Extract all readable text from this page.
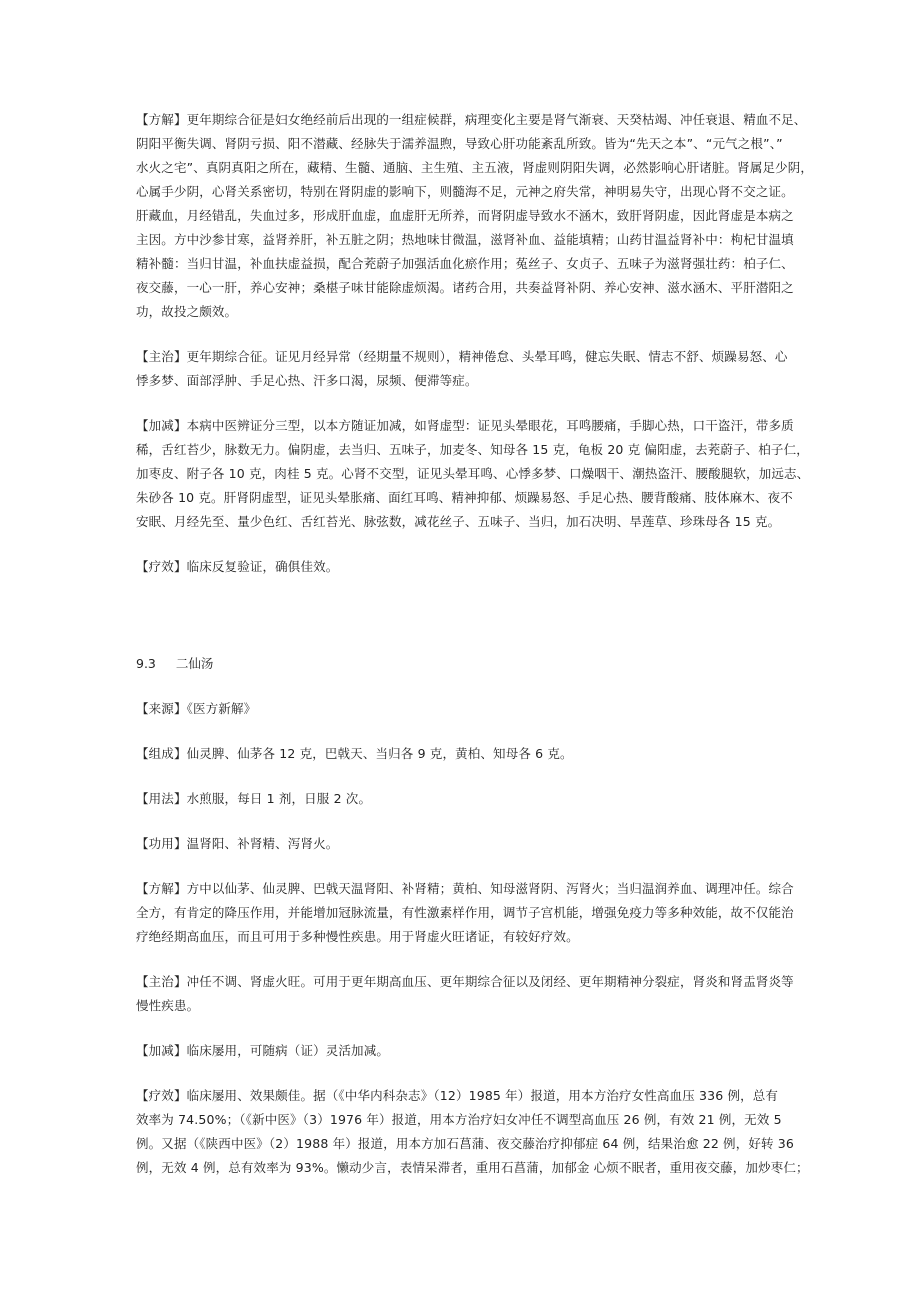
【方解】更年期综合征是妇女绝经前后出现的一组症候群，病理变化主要是肾气渐衰、天癸枯竭、冲任衰退、精血不足、
阴阳平衡失调、肾阴亏损、阳不潜藏、经脉失于濡养温煦，导致心肝功能紊乱所致。皆为“先天之本”、“元气之根”、”
水火之宅”、真阴真阳之所在，藏精、生髓、通脑、主生殖、主五液，肾虚则阴阳失调，必然影响心肝诸脏。肾属足少阴，
心属手少阴，心肾关系密切，特别在肾阴虚的影响下，则髓海不足，元神之府失常，神明易失守，出现心肾不交之证。
肝藏血，月经错乱，失血过多，形成肝血虚，血虚肝无所养，而肾阴虚导致水不涵木，致肝肾阴虚，因此肾虚是本病之
主因。方中沙参甘寒，益肾养肝，补五脏之阴；热地味甘微温，滋肾补血、益能填精；山药甘温益肾补中：枸杞甘温填
精补髓：当归甘温，补血扶虚益损，配合茺蔚子加强活血化瘀作用；菟丝子、女贞子、五味子为滋肾强壮药：柏子仁、
夜交藤，一心一肝，养心安神；桑椹子味甘能除虚烦渴。诸药合用，共奏益肾补阴、养心安神、滋水涵木、平肝潜阳之
功，故投之颇效。
【主治】更年期综合征。证见月经异常（经期量不规则），精神倦怠、头晕耳鸣，健忘失眠、情志不舒、烦躁易怒、心
悸多梦、面部浮肿、手足心热、汗多口渴，尿频、便滞等症。
【加减】本病中医辨证分三型，以本方随证加减，如肾虚型：证见头晕眼花，耳鸣腰痛，手脚心热，口干盗汗，带多质
稀，舌红苔少，脉数无力。偏阴虚，去当归、五味子，加麦冬、知母各 15 克，龟板 20 克 偏阳虚，去茺蔚子、柏子仁，
加枣皮、附子各 10 克，肉桂 5 克。心肾不交型，证见头晕耳鸣、心悸多梦、口燥咽干、潮热盗汗、腰酸腿软，加远志、
朱砂各 10 克。肝肾阴虚型，证见头晕胀痛、面红耳鸣、精神抑郁、烦躁易怒、手足心热、腰背酸痛、肢体麻木、夜不
安眠、月经先至、量少色红、舌红苔光、脉弦数，减花丝子、五味子、当归，加石决明、旱莲草、珍珠母各 15 克。
【疗效】临床反复验证，确俱佳效。
9.3 二仙汤
【来源】《医方新解》
【组成】仙灵脾、仙茅各 12 克，巴戟天、当归各 9 克，黄柏、知母各 6 克。
【用法】水煎服，每日 1 剂，日服 2 次。
【功用】温肾阳、补肾精、泻肾火。
【方解】方中以仙茅、仙灵脾、巴戟天温肾阳、补肾精；黄柏、知母滋肾阴、泻肾火；当归温润养血、调理冲任。综合
全方，有肯定的降压作用，并能增加冠脉流量，有性激素样作用，调节子宫机能，增强免疫力等多种效能，故不仅能治
疗绝经期高血压，而且可用于多种慢性疾患。用于肾虚火旺诸证，有较好疗效。
【主治】冲任不调、肾虚火旺。可用于更年期高血压、更年期综合征以及闭经、更年期精神分裂症，肾炎和肾盂肾炎等
慢性疾患。
【加减】临床屡用，可随病（证）灵活加减。
【疗效】临床屡用、效果颇佳。据（《中华内科杂志》（12）1985 年）报道，用本方治疗女性高血压 336 例，总有
效率为 74.50%；（《新中医》（3）1976 年）报道，用本方治疗妇女冲任不调型高血压 26 例，有效 21 例，无效 5
例。又据（《陕西中医》（2）1988 年）报道，用本方加石菖蒲、夜交藤治疗抑郁症 64 例，结果治愈 22 例，好转 36
例，无效 4 例，总有效率为 93%。懒动少言，表情呆滞者，重用石菖蒲，加郁金 心烦不眠者，重用夜交藤，加炒枣仁；
